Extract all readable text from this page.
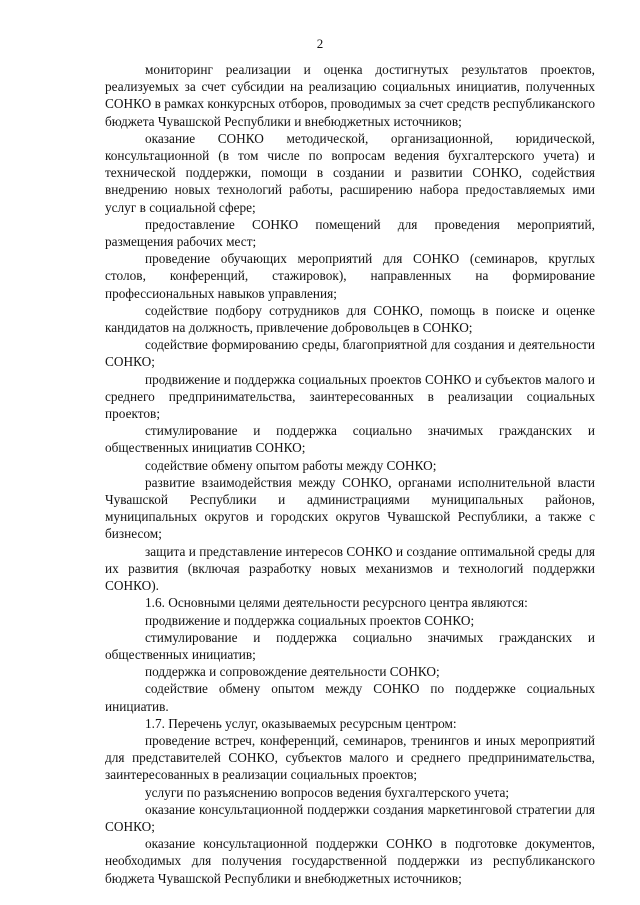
2

мониторинг реализации и оценка достигнутых результатов проектов, реализуемых за счет субсидии на реализацию социальных инициатив, полученных СОНКО в рамках конкурсных отборов, проводимых за счет средств республиканского бюджета Чувашской Республики и внебюджетных источников;

оказание СОНКО методической, организационной, юридической, консультационной (в том числе по вопросам ведения бухгалтерского учета) и технической поддержки, помощи в создании и развитии СОНКО, содействия внедрению новых технологий работы, расширению набора предоставляемых ими услуг в социальной сфере;

предоставление СОНКО помещений для проведения мероприятий, размещения рабочих мест;

проведение обучающих мероприятий для СОНКО (семинаров, круглых столов, конференций, стажировок), направленных на формирование профессиональных навыков управления;

содействие подбору сотрудников для СОНКО, помощь в поиске и оценке кандидатов на должность, привлечение добровольцев в СОНКО;

содействие формированию среды, благоприятной для создания и деятельности СОНКО;

продвижение и поддержка социальных проектов СОНКО и субъектов малого и среднего предпринимательства, заинтересованных в реализации социальных проектов;

стимулирование и поддержка социально значимых гражданских и общественных инициатив СОНКО;

содействие обмену опытом работы между СОНКО;

развитие взаимодействия между СОНКО, органами исполнительной власти Чувашской Республики и администрациями муниципальных районов, муниципальных округов и городских округов Чувашской Республики, а также с бизнесом;

защита и представление интересов СОНКО и создание оптимальной среды для их развития (включая разработку новых механизмов и технологий поддержки СОНКО).

1.6. Основными целями деятельности ресурсного центра являются:

продвижение и поддержка социальных проектов СОНКО;

стимулирование и поддержка социально значимых гражданских и общественных инициатив;

поддержка и сопровождение деятельности СОНКО;

содействие обмену опытом между СОНКО по поддержке социальных инициатив.

1.7. Перечень услуг, оказываемых ресурсным центром:

проведение встреч, конференций, семинаров, тренингов и иных мероприятий для представителей СОНКО, субъектов малого и среднего предпринимательства, заинтересованных в реализации социальных проектов;

услуги по разъяснению вопросов ведения бухгалтерского учета;

оказание консультационной поддержки создания маркетинговой стратегии для СОНКО;

оказание консультационной поддержки СОНКО в подготовке документов, необходимых для получения государственной поддержки из республиканского бюджета Чувашской Республики и внебюджетных источников;
